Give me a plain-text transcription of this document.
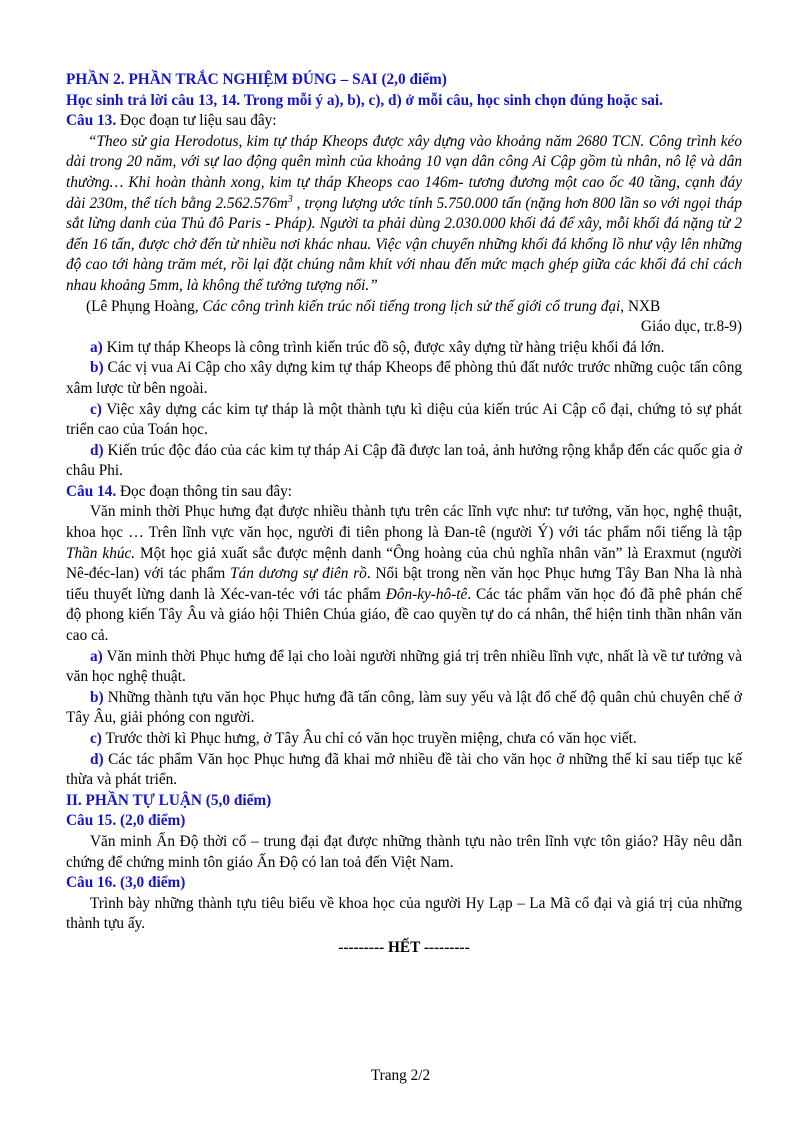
PHẦN 2. PHẦN TRẮC NGHIỆM ĐÚNG – SAI (2,0 điểm)

Học sinh trả lời câu 13, 14. Trong mỗi ý a), b), c), d) ở mỗi câu, học sinh chọn đúng hoặc sai.

Câu 13. Đọc đoạn tư liệu sau đây:

“Theo sử gia Herodotus, kim tự tháp Kheops được xây dựng vào khoảng năm 2680 TCN. Công trình kéo dài trong 20 năm, với sự lao động quên mình của khoảng 10 vạn dân công Ai Cập gồm tù nhân, nô lệ và dân thường… Khi hoàn thành xong, kim tự tháp Kheops cao 146m- tương đương một cao ốc 40 tầng, cạnh đáy dài 230m, thể tích bằng $2.562.576m^3$ , trọng lượng ước tính 5.750.000 tấn (nặng hơn 800 lần so với ngọi tháp sắt lừng danh của Thủ đô Paris - Pháp). Người ta phải dùng 2.030.000 khối đá để xây, mỗi khối đá nặng từ 2 đến 16 tấn, được chở đến từ nhiều nơi khác nhau. Việc vận chuyển những khối đá khổng lồ như vậy lên những độ cao tới hàng trăm mét, rồi lại đặt chúng nằm khít với nhau đến mức mạch ghép giữa các khối đá chỉ cách nhau khoảng 5mm, là không thể tưởng tượng nổi.”

(Lê Phụng Hoàng, Các công trình kiến trúc nổi tiếng trong lịch sử thế giới cổ trung đại, NXB

Giáo dục, tr.8-9)

a) Kim tự tháp Kheops là công trình kiến trúc đồ sộ, được xây dựng từ hàng triệu khối đá lớn.

b) Các vị vua Ai Cập cho xây dựng kim tự tháp Kheops để phòng thủ đất nước trước những cuộc tấn công xâm lược từ bên ngoài.

c) Việc xây dựng các kim tự tháp là một thành tựu kì diệu của kiến trúc Ai Cập cổ đại, chứng tỏ sự phát triển cao của Toán học.

d) Kiến trúc độc đáo của các kim tự tháp Ai Cập đã được lan toả, ảnh hưởng rộng khắp đến các quốc gia ở châu Phi.

Câu 14. Đọc đoạn thông tin sau đây:

Văn minh thời Phục hưng đạt được nhiều thành tựu trên các lĩnh vực như: tư tưởng, văn học, nghệ thuật, khoa học … Trên lĩnh vực văn học, người đi tiên phong là Đan-tê (người Ý) với tác phẩm nổi tiếng là tập Thần khúc. Một học giả xuất sắc được mệnh danh “Ông hoàng của chủ nghĩa nhân văn” là Eraxmut (người Nê-đéc-lan) với tác phẩm Tán dương sự điên rồ. Nổi bật trong nền văn học Phục hưng Tây Ban Nha là nhà tiểu thuyết lừng danh là Xéc-van-téc với tác phẩm Đôn-ky-hô-tê. Các tác phẩm văn học đó đã phê phán chế độ phong kiến Tây Âu và giáo hội Thiên Chúa giáo, đề cao quyền tự do cá nhân, thể hiện tinh thần nhân văn cao cả.

a) Văn minh thời Phục hưng để lại cho loài người những giá trị trên nhiều lĩnh vực, nhất là về tư tưởng và văn học nghệ thuật.

b) Những thành tựu văn học Phục hưng đã tấn công, làm suy yếu và lật đổ chế độ quân chủ chuyên chế ở Tây Âu, giải phóng con người.

c) Trước thời kì Phục hưng, ở Tây Âu chỉ có văn học truyền miệng, chưa có văn học viết.

d) Các tác phẩm Văn học Phục hưng đã khai mở nhiều đề tài cho văn học ở những thế kỉ sau tiếp tục kế thừa và phát triển.

II. PHẦN TỰ LUẬN (5,0 điểm)

Câu 15. (2,0 điểm)

Văn minh Ấn Độ thời cổ – trung đại đạt được những thành tựu nào trên lĩnh vực tôn giáo? Hãy nêu dẫn chứng để chứng minh tôn giáo Ấn Độ có lan toả đến Việt Nam.

Câu 16. (3,0 điểm)

Trình bày những thành tựu tiêu biểu về khoa học của người Hy Lạp – La Mã cổ đại và giá trị của những thành tựu ấy.

--------- HẾT ---------

Trang 2/2
